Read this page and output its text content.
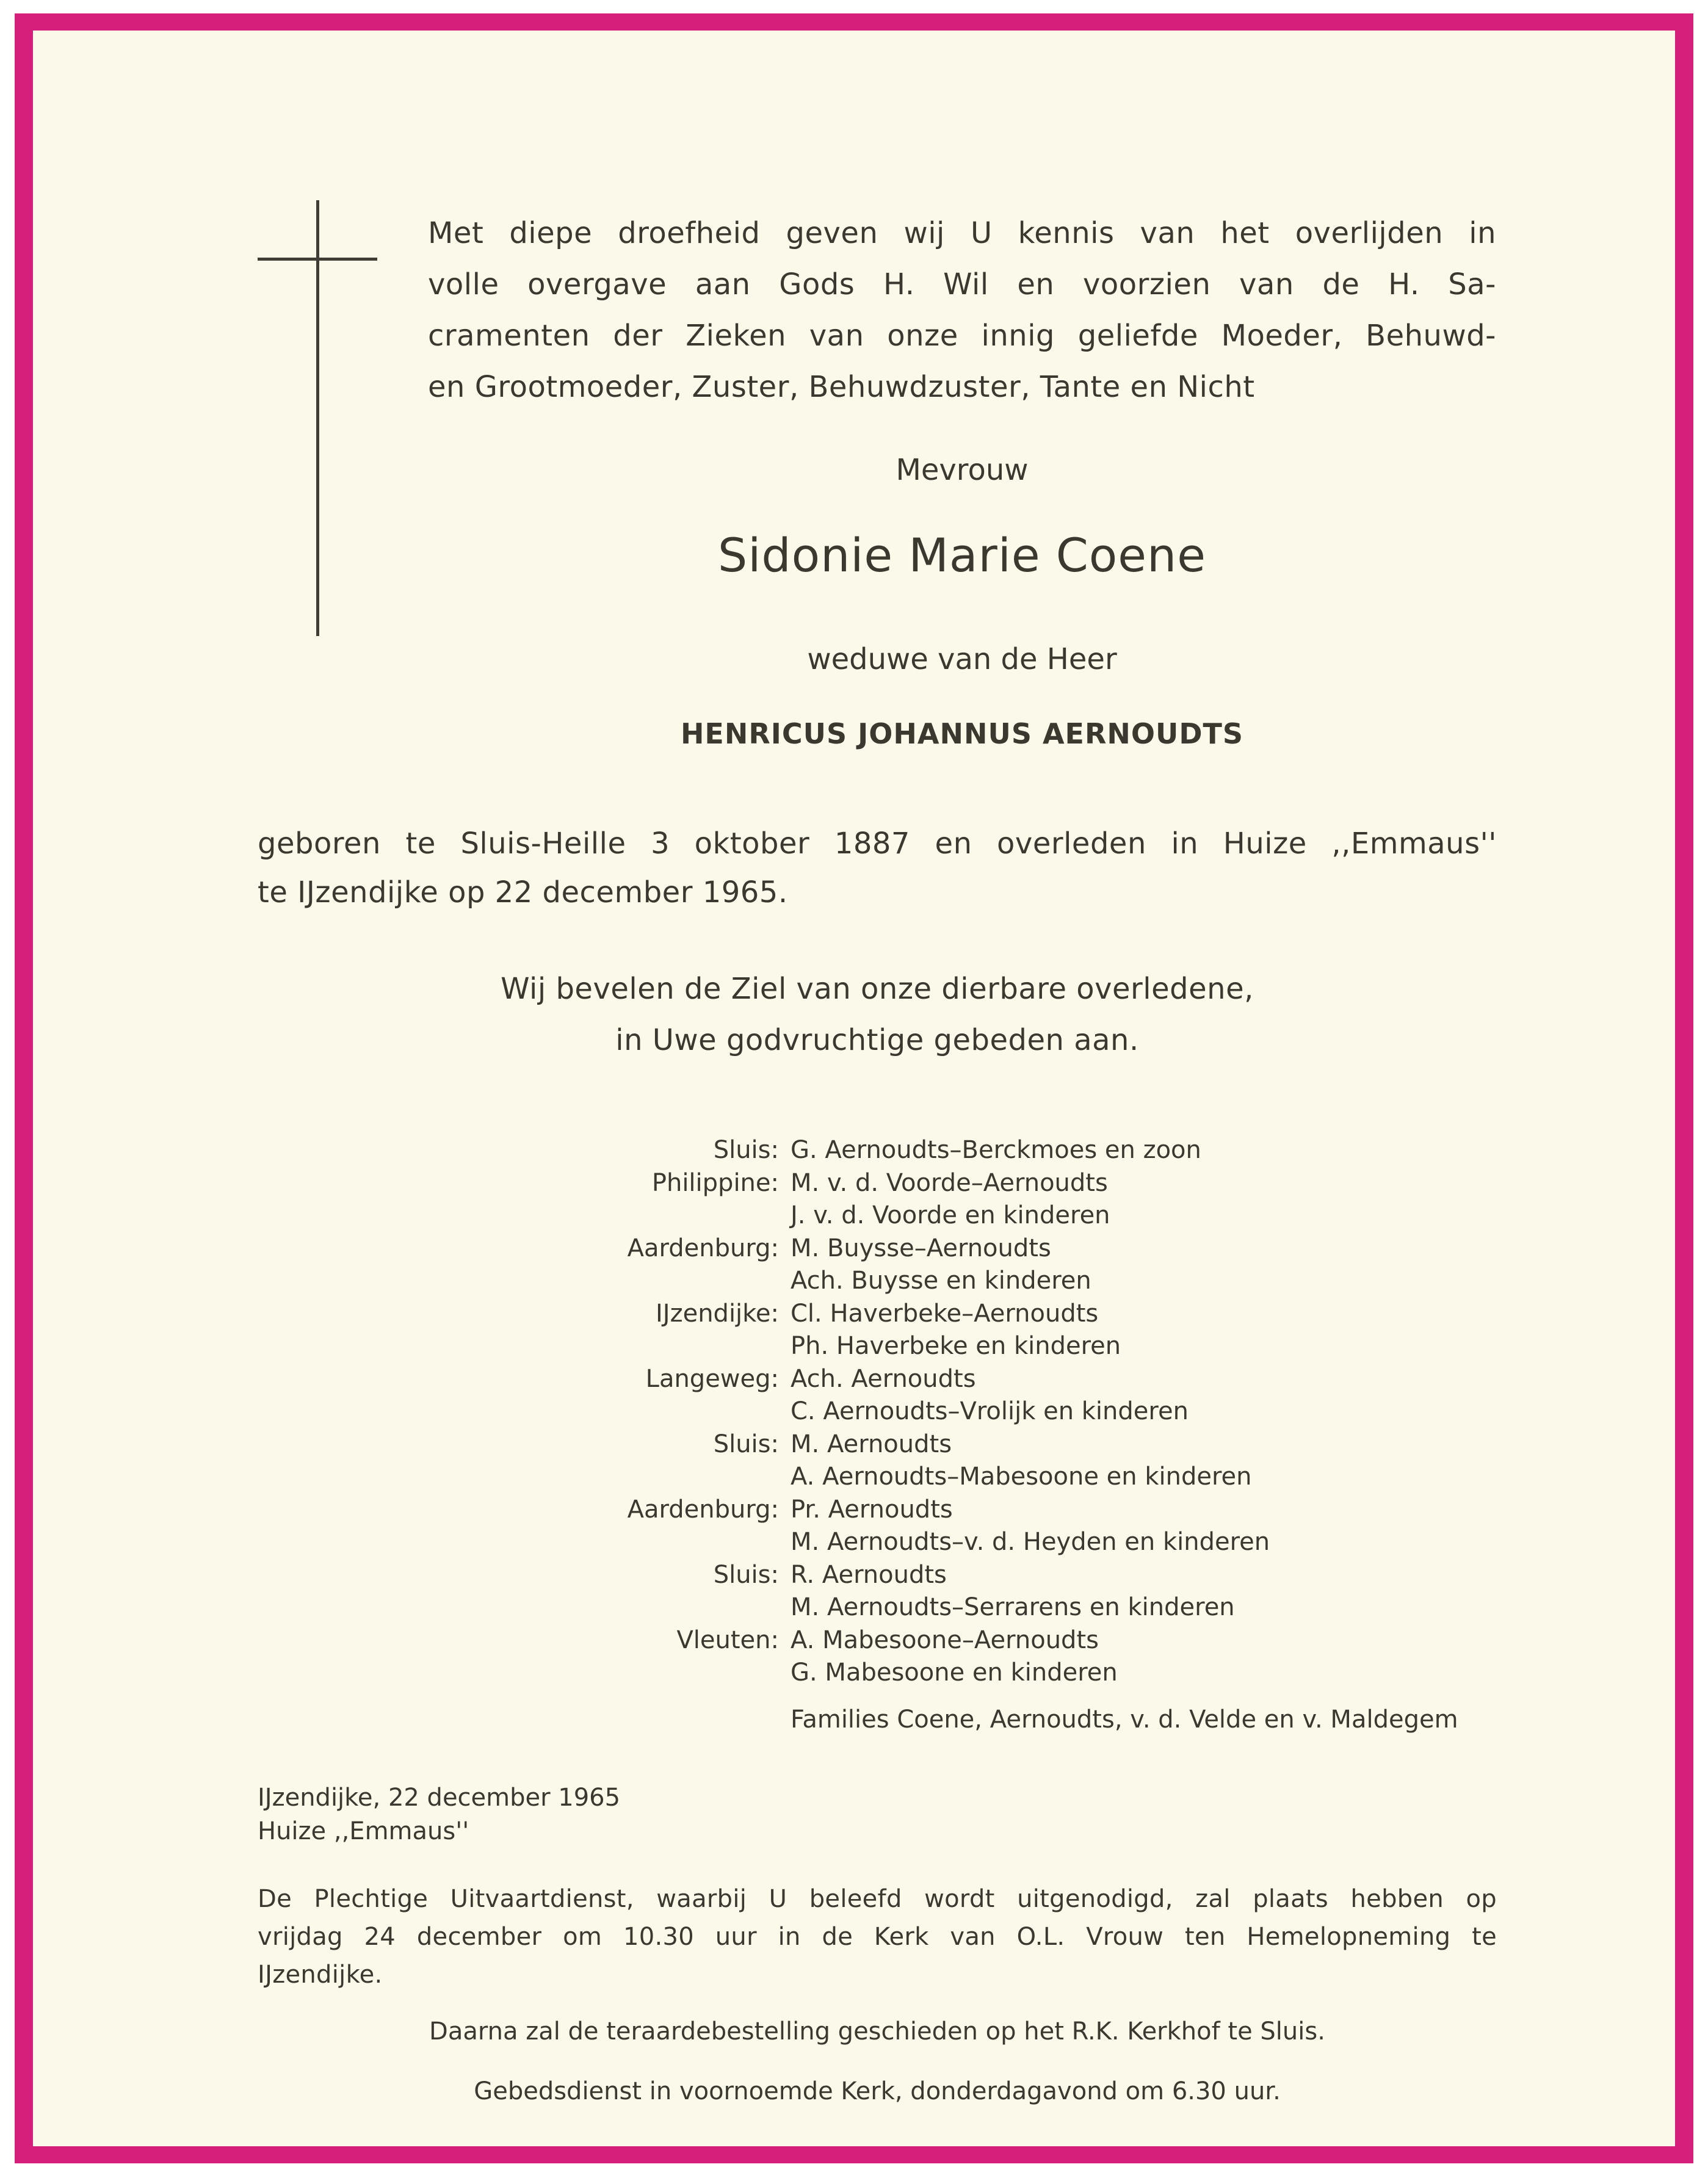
Met diepe droefheid geven wij U kennis van het overlijden in
volle overgave aan Gods H. Wil en voorzien van de H. Sa-
cramenten der Zieken van onze innig geliefde Moeder, Behuwd-
en Grootmoeder, Zuster, Behuwdzuster, Tante en Nicht
Mevrouw
Sidonie Marie Coene
weduwe van de Heer
HENRICUS JOHANNUS AERNOUDTS
geboren te Sluis-Heille 3 oktober 1887 en overleden in Huize ,,Emmaus''
te IJzendijke op 22 december 1965.
Wij bevelen de Ziel van onze dierbare overledene,
in Uwe godvruchtige gebeden aan.
Sluis: G. Aernoudts–Berckmoes en zoon
Philippine: M. v. d. Voorde–Aernoudts
J. v. d. Voorde en kinderen
Aardenburg: M. Buysse–Aernoudts
Ach. Buysse en kinderen
IJzendijke: Cl. Haverbeke–Aernoudts
Ph. Haverbeke en kinderen
Langeweg: Ach. Aernoudts
C. Aernoudts–Vrolijk en kinderen
Sluis: M. Aernoudts
A. Aernoudts–Mabesoone en kinderen
Aardenburg: Pr. Aernoudts
M. Aernoudts–v. d. Heyden en kinderen
Sluis: R. Aernoudts
M. Aernoudts–Serrarens en kinderen
Vleuten: A. Mabesoone–Aernoudts
G. Mabesoone en kinderen
Families Coene, Aernoudts, v. d. Velde en v. Maldegem
IJzendijke, 22 december 1965
Huize ,,Emmaus''
De Plechtige Uitvaartdienst, waarbij U beleefd wordt uitgenodigd, zal plaats hebben op
vrijdag 24 december om 10.30 uur in de Kerk van O.L. Vrouw ten Hemelopneming te
IJzendijke.
Daarna zal de teraardebestelling geschieden op het R.K. Kerkhof te Sluis.
Gebedsdienst in voornoemde Kerk, donderdagavond om 6.30 uur.
